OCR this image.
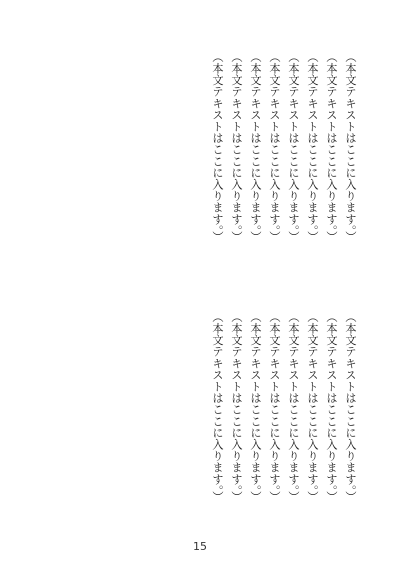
（本文テキストはここに入ります。）

（本文テキストはここに入ります。）

（本文テキストはここに入ります。）

（本文テキストはここに入ります。）

（本文テキストはここに入ります。）

（本文テキストはここに入ります。）

（本文テキストはここに入ります。）

（本文テキストはここに入ります。）

（本文テキストはここに入ります。）

（本文テキストはここに入ります。）

（本文テキストはここに入ります。）

（本文テキストはここに入ります。）

（本文テキストはここに入ります。）

（本文テキストはここに入ります。）

（本文テキストはここに入ります。）

（本文テキストはここに入ります。）

15
